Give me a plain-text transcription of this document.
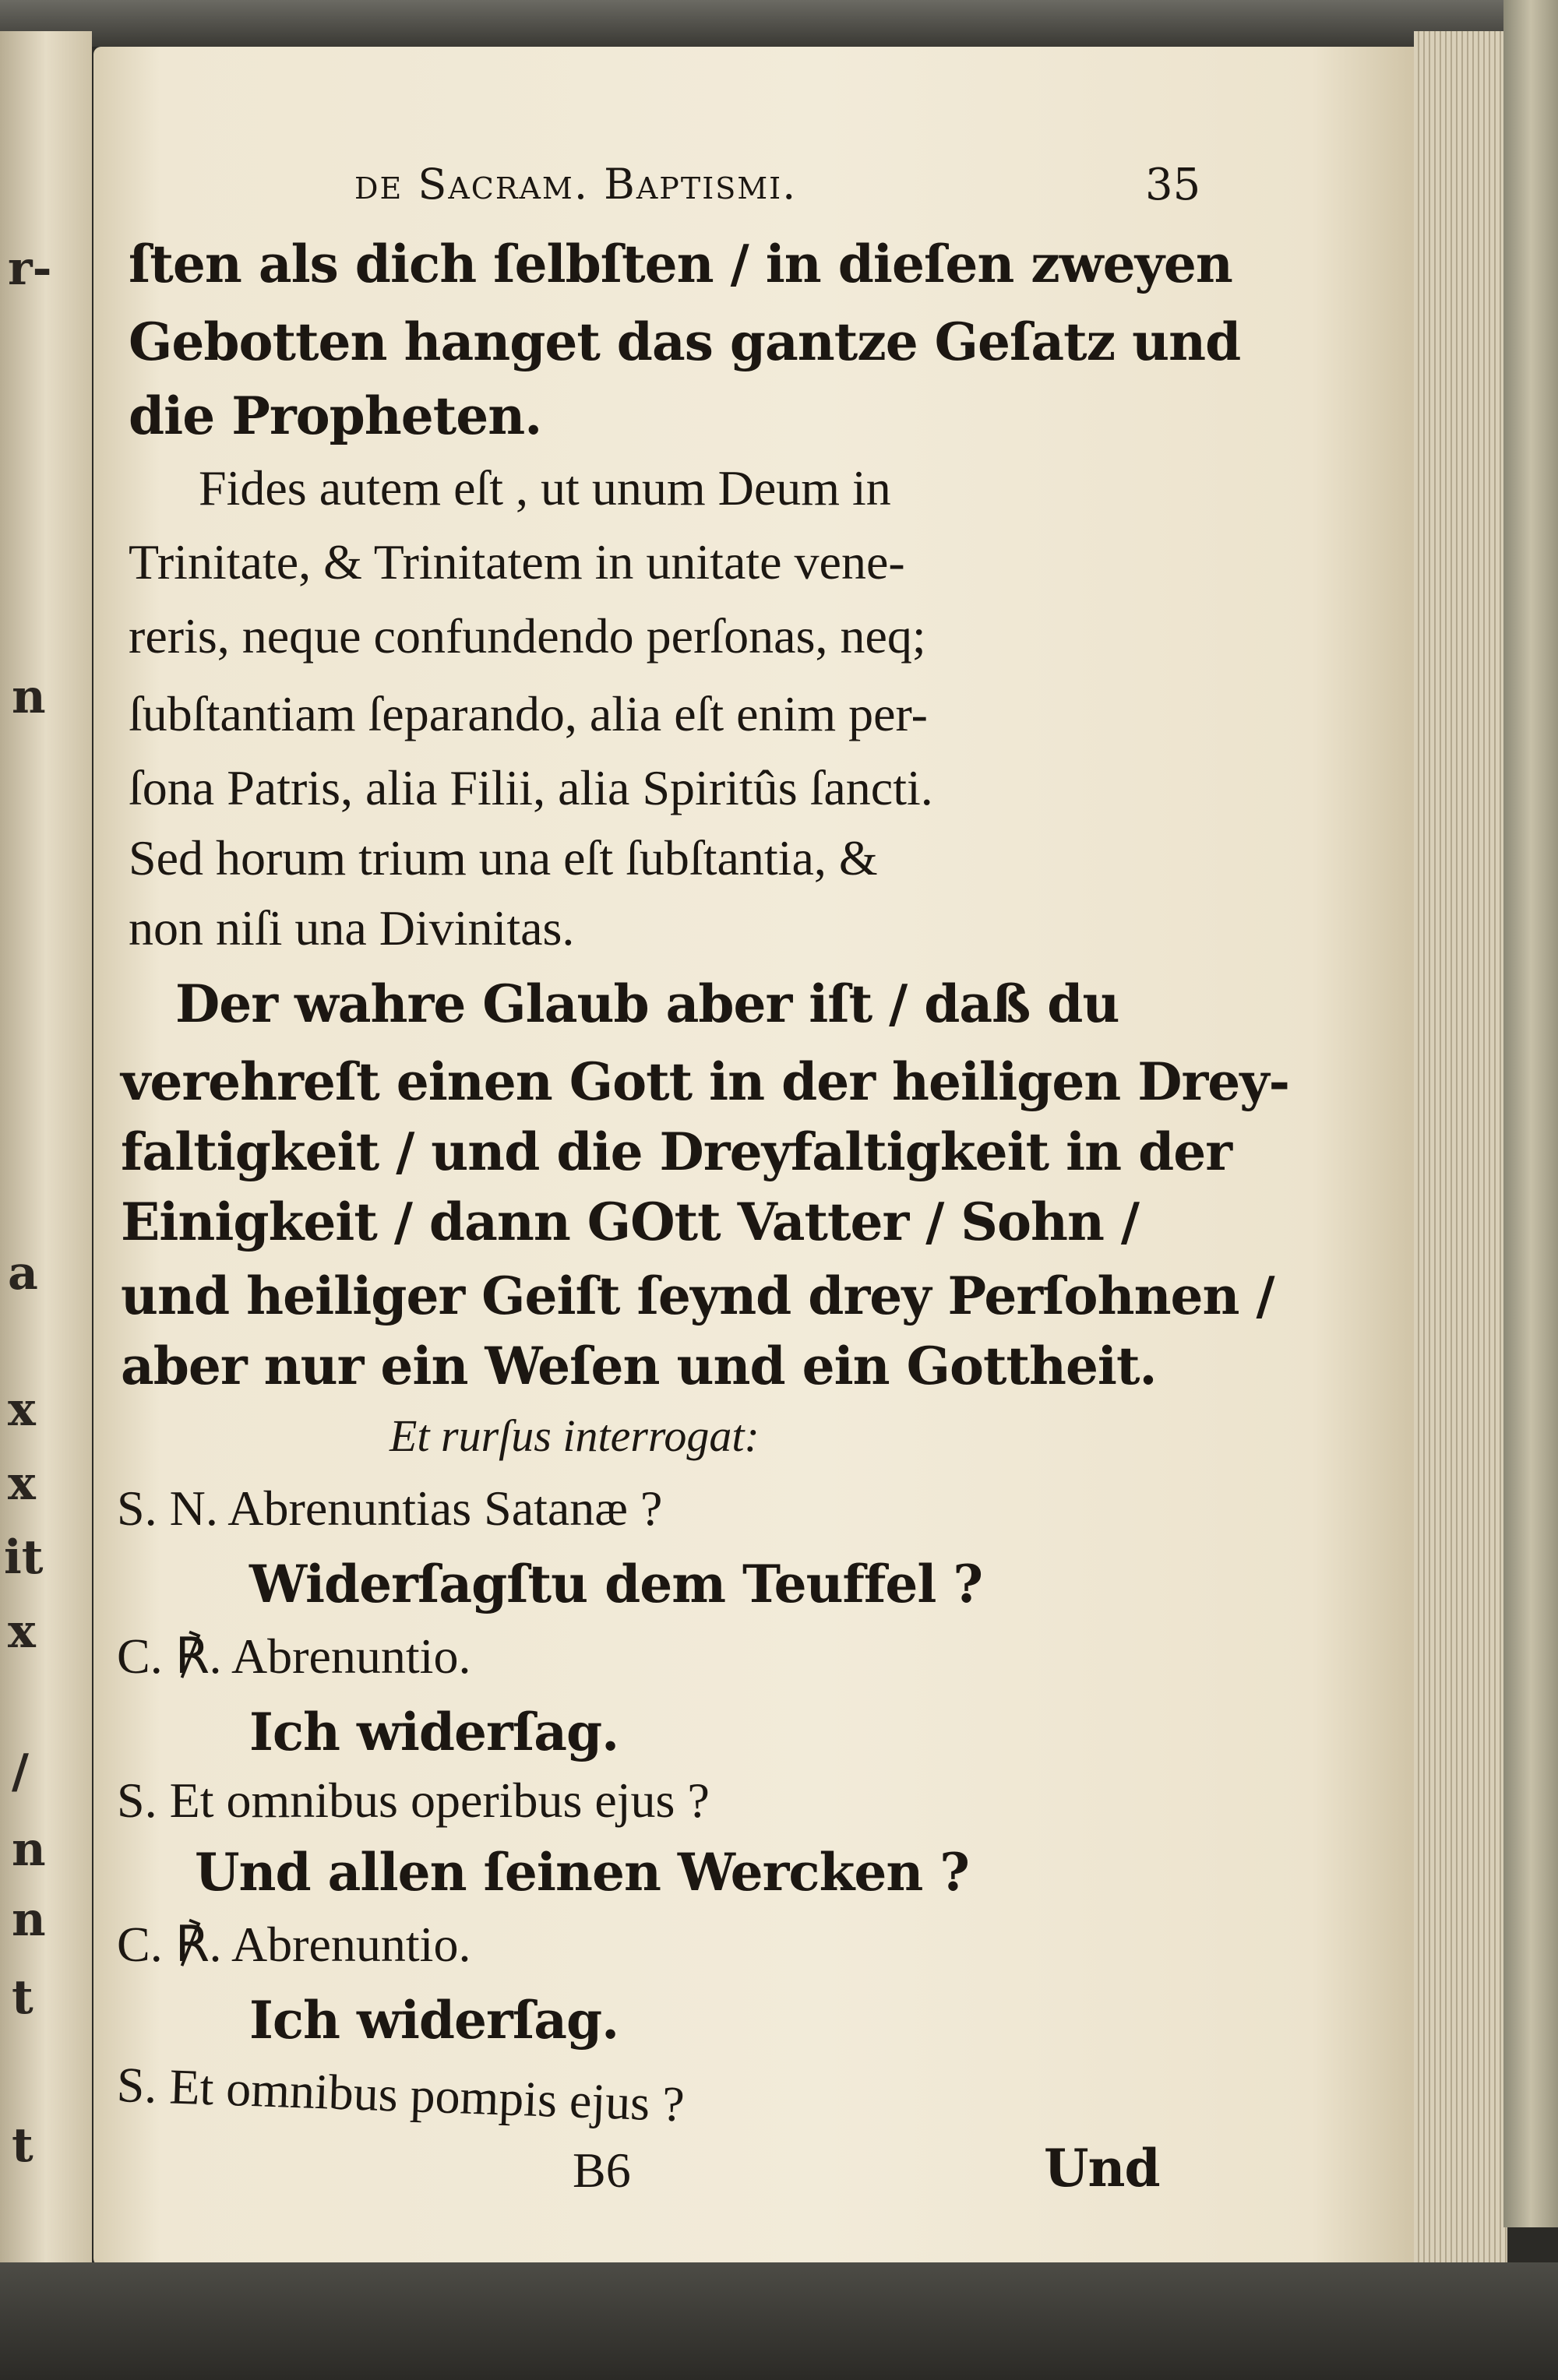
r-
n
a
x
x
it
x
/
n
n
t
t
de Sacram. Baptismi.	35
ſten als dich ſelbſten / in dieſen zweyen
Gebotten hanget das gantze Geſatz und
die Propheten.
Fides autem eſt , ut unum Deum in
Trinitate, & Trinitatem in unitate vene-
reris, neque confundendo perſonas, neq;
ſubſtantiam ſeparando, alia eſt enim per-
ſona Patris, alia Filii, alia Spiritûs ſancti.
Sed horum trium una eſt ſubſtantia, &
non niſi una Divinitas.
Der wahre Glaub aber iſt / daß du
verehreſt einen Gott in der heiligen Drey-
faltigkeit / und die Dreyfaltigkeit in der
Einigkeit / dann GOtt Vatter / Sohn /
und heiliger Geiſt ſeynd drey Perſohnen /
aber nur ein Weſen und ein Gottheit.
Et rurſus interrogat:
S. N. Abrenuntias Satanæ ?
Widerſagſtu dem Teuffel ?
C. ℟. Abrenuntio.
Ich widerſag.
S. Et omnibus operibus ejus ?
Und allen ſeinen Wercken ?
C. ℟. Abrenuntio.
Ich widerſag.
S. Et omnibus pompis ejus ?
B6	Und
